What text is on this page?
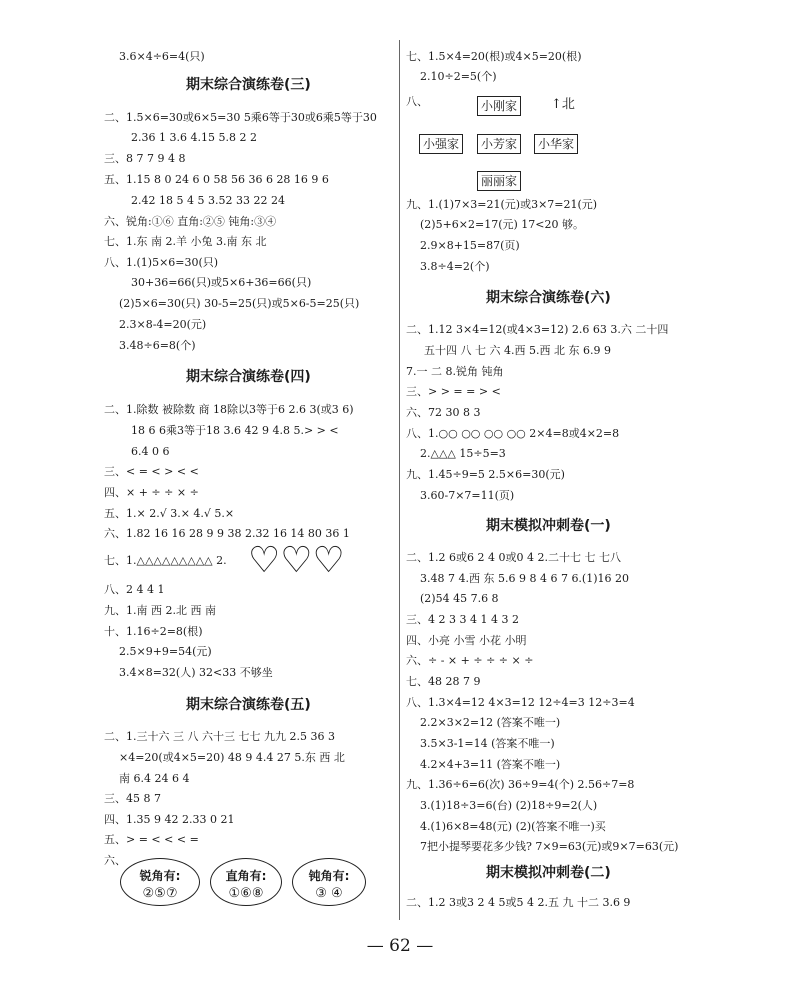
3.6×4÷6=4(只)
期末综合演练卷(三)
二、1.5×6=30或6×5=30 5乘6等于30或6乘5等于30
2.36 1 3.6 4.15 5.8 2 2
三、8 7 7 9 4 8
五、1.15 8 0 24 6 0 58 56 36 6 28 16 9 6
2.42 18 5 4 5 3.52 33 22 24
六、锐角:①⑥ 直角:②⑤ 钝角:③④
七、1.东 南 2.羊 小兔 3.南 东 北
八、1.(1)5×6=30(只)
30+36=66(只)或5×6+36=66(只)
(2)5×6=30(只) 30-5=25(只)或5×6-5=25(只)
2.3×8-4=20(元)
3.48÷6=8(个)
期末综合演练卷(四)
二、1.除数 被除数 商 18除以3等于6 2.6 3(或3 6)
18 6 6乘3等于18 3.6 42 9 4.8 5.> > <
6.4 0 6
三、< = < > < <
四、× + ÷ ÷ × ÷
五、1.× 2.√ 3.× 4.√ 5.×
六、1.82 16 16 28 9 9 38 2.32 16 14 80 36 1
七、1.△△△△△△△△△ 2. ♡♡♡
八、2 4 4 1
九、1.南 西 2.北 西 南
十、1.16÷2=8(根)
2.5×9+9=54(元)
3.4×8=32(人) 32<33 不够坐
期末综合演练卷(五)
二、1.三十六 三 八 六十三 七七 九九 2.5 36 3
×4=20(或4×5=20) 48 9 4.4 27 5.东 西 北
南 6.4 24 6 4
三、45 8 7
四、1.35 9 42 2.33 0 21
五、> = < < < =
六、
锐角有:
②⑤⑦
直角有:
①⑥⑧
钝角有:
③ ④
七、1.5×4=20(根)或4×5=20(根)
2.10÷2=5(个)
八、	小刚家	↑北
小强家	小芳家	小华家
丽丽家
九、1.(1)7×3=21(元)或3×7=21(元)
(2)5+6×2=17(元) 17<20 够。
2.9×8+15=87(页)
3.8÷4=2(个)
期末综合演练卷(六)
二、1.12 3×4=12(或4×3=12) 2.6 63 3.六 二十四
五十四 八 七 六 4.西 5.西 北 东 6.9 9
7.一 二 8.锐角 钝角
三、> > = = > <
六、72 30 8 3
八、1.○○ ○○ ○○ ○○ 2×4=8或4×2=8
2.△△△ 15÷5=3
九、1.45÷9=5 2.5×6=30(元)
3.60-7×7=11(页)
期末模拟冲刺卷(一)
二、1.2 6或6 2 4 0或0 4 2.二十七 七 七八
3.48 7 4.西 东 5.6 9 8 4 6 7 6.(1)16 20
(2)54 45 7.6 8
三、4 2 3 3 4 1 4 3 2
四、小亮 小雪 小花 小明
六、÷ - × + ÷ ÷ ÷ × ÷
七、48 28 7 9
八、1.3×4=12 4×3=12 12÷4=3 12÷3=4
2.2×3×2=12 (答案不唯一)
3.5×3-1=14 (答案不唯一)
4.2×4+3=11 (答案不唯一)
九、1.36÷6=6(次) 36÷9=4(个) 2.56÷7=8
3.(1)18÷3=6(台) (2)18÷9=2(人)
4.(1)6×8=48(元) (2)(答案不唯一)买
7把小提琴要花多少钱? 7×9=63(元)或9×7=63(元)
期末模拟冲刺卷(二)
二、1.2 3或3 2 4 5或5 4 2.五 九 十二 3.6 9
— 62 —
